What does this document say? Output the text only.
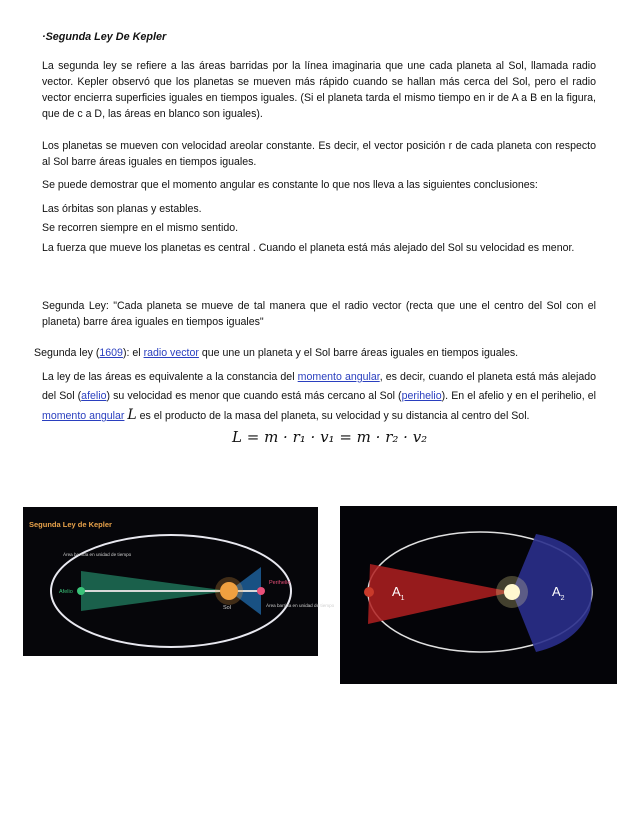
·Segunda Ley De Kepler

La segunda ley se refiere a las áreas barridas por la línea imaginaria que une cada planeta al Sol, llamada radio vector. Kepler observó que los planetas se mueven más rápido cuando se hallan más cerca del Sol, pero el radio vector encierra superficies iguales en tiempos iguales. (Si el planeta tarda el mismo tiempo en ir de A a B en la figura, que de c a D, las áreas en blanco son iguales).

Los planetas se mueven con velocidad areolar constante. Es decir, el vector posición r de cada planeta con respecto al Sol barre áreas iguales en tiempos iguales.

Se puede demostrar que el momento angular es constante lo que nos lleva a las siguientes conclusiones:

Las órbitas son planas y estables.

Se recorren siempre en el mismo sentido.

La fuerza que mueve los planetas es central . Cuando el planeta está más alejado del Sol su velocidad es menor.

Segunda Ley: "Cada planeta se mueve de tal manera que el radio vector (recta que une el centro del Sol con el planeta) barre área iguales en tiempos iguales"

Segunda ley (1609): el radio vector que une un planeta y el Sol barre áreas iguales en tiempos iguales.

La ley de las áreas es equivalente a la constancia del momento angular, es decir, cuando el planeta está más alejado del Sol (afelio) su velocidad es menor que cuando está más cercano al Sol (perihelio). En el afelio y en el perihelio, el momento angular L es el producto de la masa del planeta, su velocidad y su distancia al centro del Sol.

L = m · r₁ · v₁ = m · r₂ · v₂
Segunda Ley de Kepler
Área barrida en unidad de tiempo
Afelio
Sol
Perihelio
Área barrida en unidad de tiempo
$A_1$	$A_2$
